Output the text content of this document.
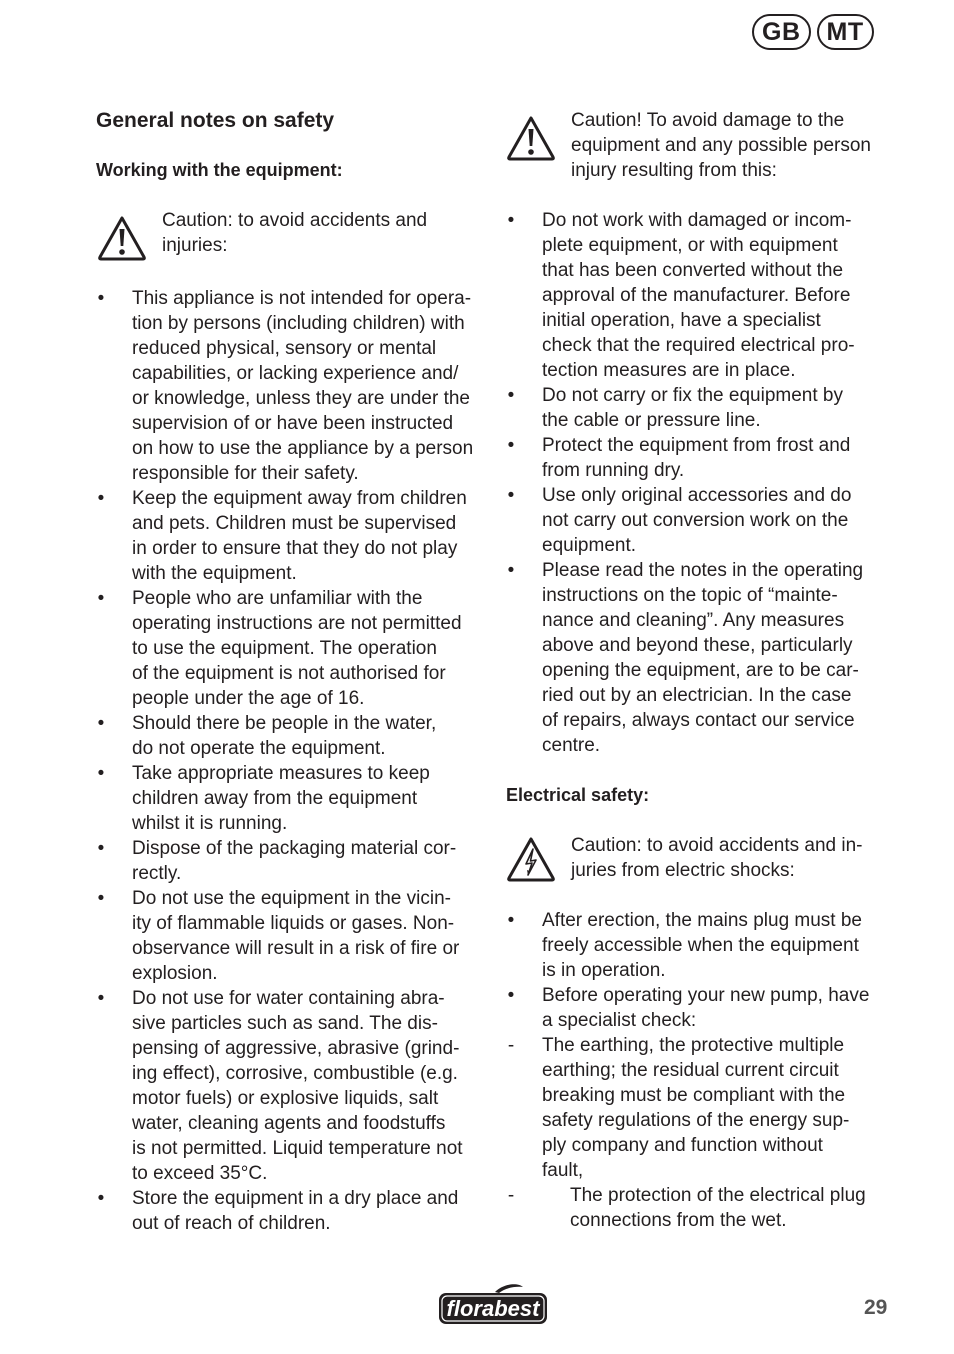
GB	MT
General notes on safety
Working with the equipment:
Caution: to avoid accidents and
injuries:
• This appliance is not intended for opera-
tion by persons (including children) with
reduced physical, sensory or mental
capabilities, or lacking experience and/
or knowledge, unless they are under the
supervision of or have been instructed
on how to use the appliance by a person
responsible for their safety.
• Keep the equipment away from children
and pets. Children must be supervised
in order to ensure that they do not play
with the equipment.
• People who are unfamiliar with the
operating instructions are not permitted
to use the equipment. The operation
of the equipment is not authorised for
people under the age of 16.
• Should there be people in the water,
do not operate the equipment.
• Take appropriate measures to keep
children away from the equipment
whilst it is running.
• Dispose of the packaging material cor-
rectly.
• Do not use the equipment in the vicin-
ity of flammable liquids or gases. Non-
observance will result in a risk of fire or
explosion.
• Do not use for water containing abra-
sive particles such as sand. The dis-
pensing of aggressive, abrasive (grind-
ing effect), corrosive, combustible (e.g.
motor fuels) or explosive liquids, salt
water, cleaning agents and foodstuffs
is not permitted. Liquid temperature not
to exceed 35°C.
• Store the equipment in a dry place and
out of reach of children.
Caution! To avoid damage to the
equipment and any possible person
injury resulting from this:
• Do not work with damaged or incom-
plete equipment, or with equipment
that has been converted without the
approval of the manufacturer. Before
initial operation, have a specialist
check that the required electrical pro-
tection measures are in place.
• Do not carry or fix the equipment by
the cable or pressure line.
• Protect the equipment from frost and
from running dry.
• Use only original accessories and do
not carry out conversion work on the
equipment.
• Please read the notes in the operating
instructions on the topic of “mainte-
nance and cleaning”. Any measures
above and beyond these, particularly
opening the equipment, are to be car-
ried out by an electrician. In the case
of repairs, always contact our service
centre.
Electrical safety:
Caution: to avoid accidents and in-
juries from electric shocks:
• After erection, the mains plug must be
freely accessible when the equipment
is in operation.
• Before operating your new pump, have
a specialist check:
- The earthing, the protective multiple
earthing; the residual current circuit
breaking must be compliant with the
safety regulations of the energy sup-
ply company and function without
fault,
-	The protection of the electrical plug
connections from the wet.
florabest	29
